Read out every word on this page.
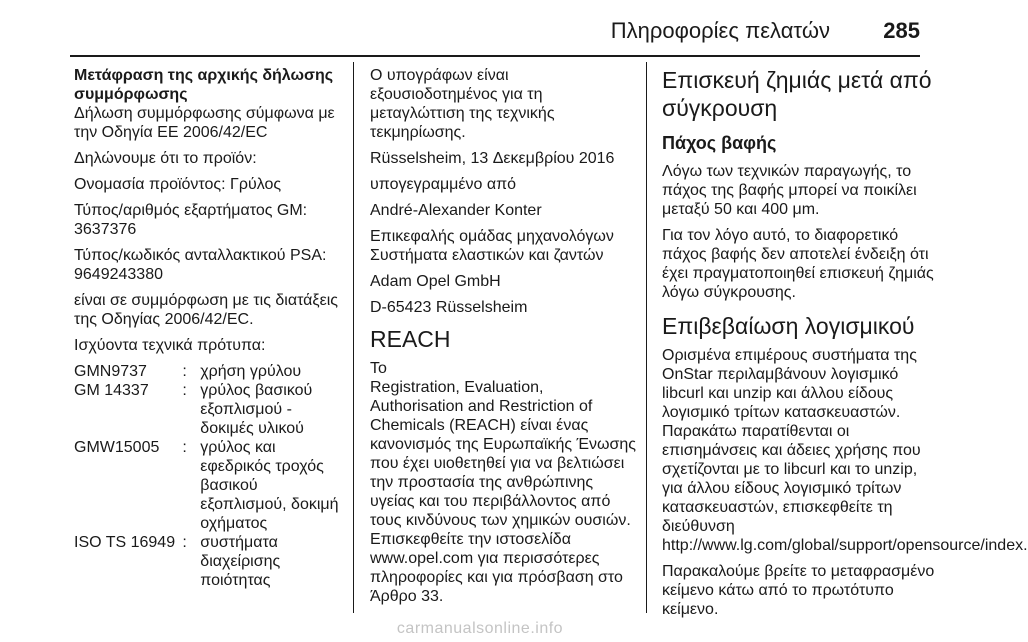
Πληροφορίες πελατών 285

Μετάφραση της αρχικής δήλωσης συμμόρφωσης

Δήλωση συμμόρφωσης σύμφωνα με την Οδηγία ΕΕ 2006/42/EC

Δηλώνουμε ότι το προϊόν:

Ονομασία προϊόντος: Γρύλος

Τύπος/αριθμός εξαρτήματος GM: 3637376

Τύπος/κωδικός ανταλλακτικού PSA: 9649243380

είναι σε συμμόρφωση με τις διατάξεις της Οδηγίας 2006/42/EC.

Ισχύοντα τεχνικά πρότυπα:

GMN9737	:	χρήση γρύλου
GM 14337	:	γρύλος βασικού εξοπλισμού - δοκιμές υλικού
GMW15005	:	γρύλος και εφεδρικός τροχός βασικού εξοπλισμού, δοκιμή οχήματος
ISO TS 16949	:	συστήματα διαχείρισης ποιότητας

Ο υπογράφων είναι εξουσιοδοτημένος για τη μεταγλώττιση της τεχνικής τεκμηρίωσης.

Rüsselsheim, 13 Δεκεμβρίου 2016

υπογεγραμμένο από

André-Alexander Konter

Επικεφαλής ομάδας μηχανολόγων Συστήματα ελαστικών και ζαντών

Adam Opel GmbH

D-65423 Rüsselsheim

REACH

Το

Registration, Evaluation,

Authorisation and Restriction of Chemicals (REACH) είναι ένας κανονισμός της Ευρωπαϊκής Ένωσης που έχει υιοθετηθεί για να βελτιώσει την προστασία της ανθρώπινης υγείας και του περιβάλλοντος από τους κινδύνους των χημικών ουσιών. Επισκεφθείτε την ιστοσελίδα www.opel.com για περισσότερες πληροφορίες και για πρόσβαση στο Άρθρο 33.

Επισκευή ζημιάς μετά από σύγκρουση
Πάχος βαφής

Λόγω των τεχνικών παραγωγής, το πάχος της βαφής μπορεί να ποικίλει μεταξύ 50 και 400 μm.

Για τον λόγο αυτό, το διαφορετικό πάχος βαφής δεν αποτελεί ένδειξη ότι έχει πραγματοποιηθεί επισκευή ζημιάς λόγω σύγκρουσης.

Επιβεβαίωση λογισμικού

Ορισμένα επιμέρους συστήματα της OnStar περιλαμβάνουν λογισμικό libcurl και unzip και άλλου είδους λογισμικό τρίτων κατασκευαστών. Παρακάτω παρατίθενται οι επισημάνσεις και άδειες χρήσης που σχετίζονται με το libcurl και το unzip, για άλλου είδους λογισμικό τρίτων κατασκευαστών, επισκεφθείτε τη διεύθυνση http://www.lg.com/global/support/opensource/index.

Παρακαλούμε βρείτε το μεταφρασμένο κείμενο κάτω από το πρωτότυπο κείμενο.

carmanualsonline.info
